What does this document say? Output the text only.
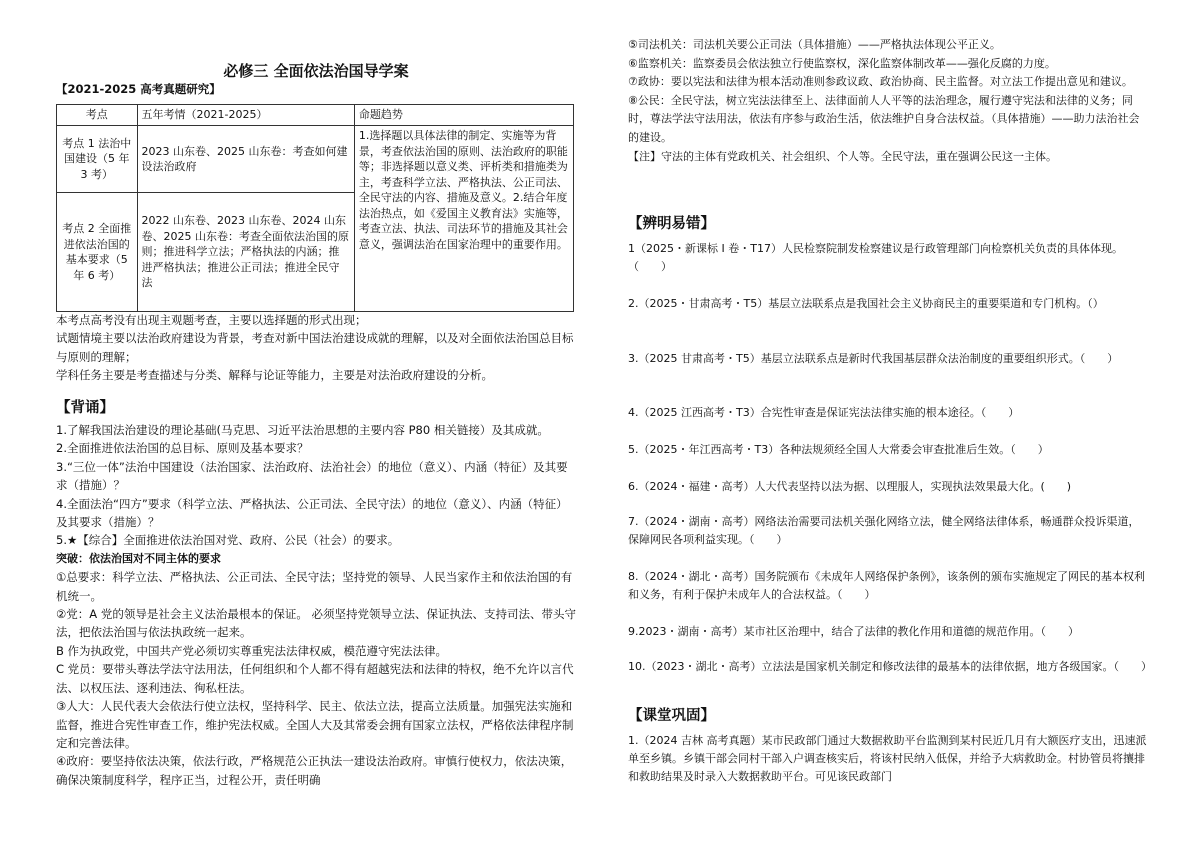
必修三 全面依法治国导学案
【2021-2025 高考真题研究】
考点	五年考情（2021-2025）	命题趋势
考点 1 法治中国建设（5 年 3 考）	2023 山东卷、2025 山东卷：考查如何建设法治政府	1.选择题以具体法律的制定、实施等为背景，考查依法治国的原则、法治政府的职能等；非选择题以意义类、评析类和措施类为主，考查科学立法、严格执法、公正司法、全民守法的内容、措施及意义。2.结合年度法治热点，如《爱国主义教育法》实施等，考查立法、执法、司法环节的措施及其社会意义，强调法治在国家治理中的重要作用。
考点 2 全面推进依法治国的基本要求（5 年 6 考）	2022 山东卷、2023 山东卷、2024 山东卷、2025 山东卷：考查全面依法治国的原则；推进科学立法；严格执法的内涵；推进严格执法；推进公正司法；推进全民守法	
本考点高考没有出现主观题考查，主要以选择题的形式出现；
试题情境主要以法治政府建设为背景，考查对新中国法治建设成就的理解，以及对全面依法治国总目标与原则的理解；
学科任务主要是考查描述与分类、解释与论证等能力，主要是对法治政府建设的分析。
【背诵】
1.了解我国法治建设的理论基础(马克思、习近平法治思想的主要内容 P80 相关链接）及其成就。
2.全面推进依法治国的总目标、原则及基本要求？
3.“三位一体”法治中国建设（法治国家、法治政府、法治社会）的地位（意义）、内涵（特征）及其要求（措施）？
4.全面法治“四方”要求（科学立法、严格执法、公正司法、全民守法）的地位（意义）、内涵（特征）及其要求（措施）？
5.★【综合】全面推进依法治国对党、政府、公民（社会）的要求。
突破：依法治国对不同主体的要求
①总要求：科学立法、严格执法、公正司法、全民守法；坚持党的领导、人民当家作主和依法治国的有机统一。
②党：A 党的领导是社会主义法治最根本的保证。 必须坚持党领导立法、保证执法、支持司法、带头守法，把依法治国与依法执政统一起来。
B 作为执政党，中国共产党必须切实尊重宪法法律权威，模范遵守宪法法律。
C 党员：要带头尊法学法守法用法，任何组织和个人都不得有超越宪法和法律的特权，绝不允许以言代法、以权压法、逐利违法、徇私枉法。
③人大：人民代表大会依法行使立法权，坚持科学、民主、依法立法，提高立法质量。加强宪法实施和监督，推进合宪性审查工作，维护宪法权威。全国人大及其常委会拥有国家立法权，严格依法律程序制定和完善法律。
④政府：要坚持依法决策，依法行政，严格规范公正执法一建设法治政府。审慎行使权力，依法决策，确保决策制度科学，程序正当，过程公开，责任明确
⑤司法机关：司法机关要公正司法（具体措施）——严格执法体现公平正义。
⑥监察机关：监察委员会依法独立行使监察权，深化监察体制改革——强化反腐的力度。
⑦政协：要以宪法和法律为根本活动准则参政议政、政治协商、民主监督。对立法工作提出意见和建议。
⑧公民：全民守法，树立宪法法律至上、法律面前人人平等的法治理念，履行遵守宪法和法律的义务；同时，尊法学法守法用法，依法有序参与政治生活，依法维护自身合法权益。（具体措施）——助力法治社会的建设。
【注】守法的主体有党政机关、社会组织、个人等。全民守法，重在强调公民这一主体。
【辨明易错】
1（2025・新课标 I 卷・T17）人民检察院制发检察建议是行政管理部门向检察机关负责的具体体现。（　　）
2.（2025・甘肃高考・T5）基层立法联系点是我国社会主义协商民主的重要渠道和专门机构。（）
3.（2025 甘肃高考・T5）基层立法联系点是新时代我国基层群众法治制度的重要组织形式。（　　）
4.（2025 江西高考・T3）合宪性审查是保证宪法法律实施的根本途径。（　　）
5.（2025・年江西高考・T3）各种法规须经全国人大常委会审查批准后生效。（　　）
6.（2024・福建・高考）人大代表坚持以法为据、以理服人，实现执法效果最大化。(　　)
7.（2024・湖南・高考）网络法治需要司法机关强化网络立法，健全网络法律体系，畅通群众投诉渠道，保障网民各项利益实现。（　　）
8.（2024・湖北・高考）国务院颁布《未成年人网络保护条例》，该条例的颁布实施规定了网民的基本权利和义务，有利于保护未成年人的合法权益。（　　）
9.2023・湖南・高考）某市社区治理中，结合了法律的教化作用和道德的规范作用。（　　）
10.（2023・湖北・高考）立法法是国家机关制定和修改法律的最基本的法律依据，地方各级国家。（　　）
【课堂巩固】
1.（2024 吉林 高考真题）某市民政部门通过大数据救助平台监测到某村民近几月有大额医疗支出，迅速派单至乡镇。乡镇干部会同村干部入户调查核实后，将该村民纳入低保，并给予大病救助金。村协管员将攘排和救助结果及时录入大数据救助平台。可见该民政部门
